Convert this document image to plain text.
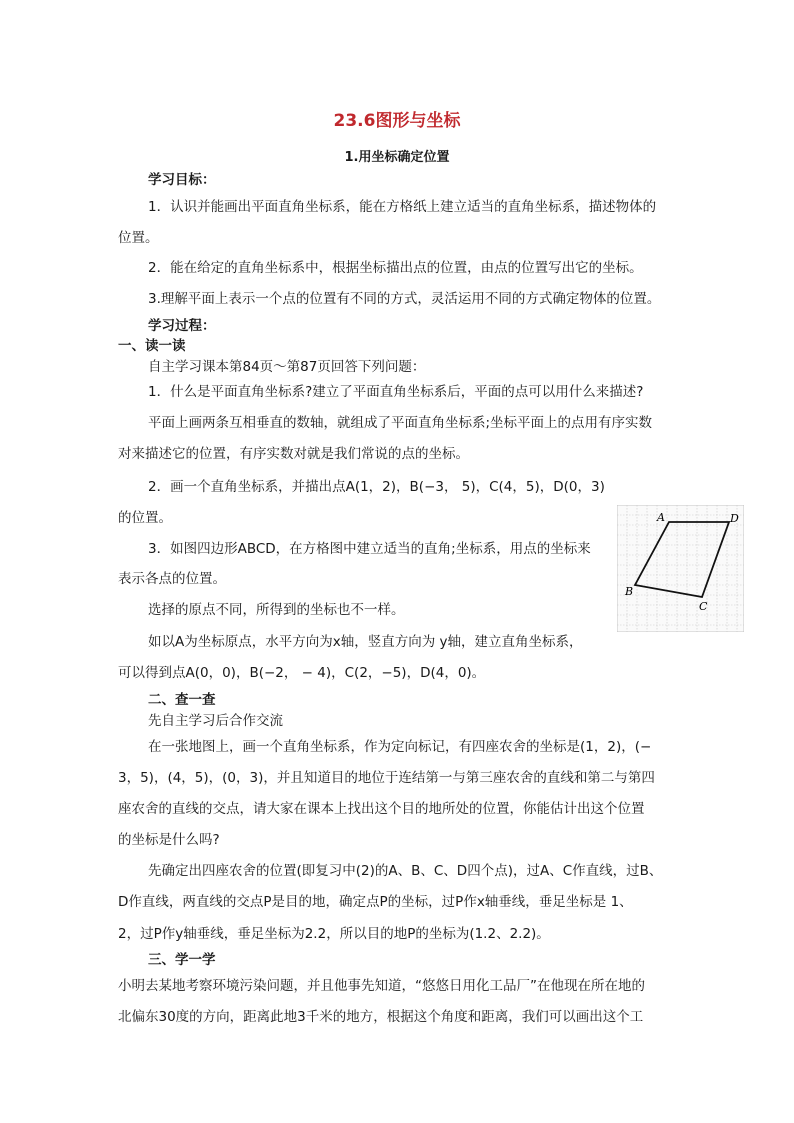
23.6图形与坐标
1.用坐标确定位置
学习目标：
1．认识并能画出平面直角坐标系，能在方格纸上建立适当的直角坐标系，描述物体的
位置。
2．能在给定的直角坐标系中，根据坐标描出点的位置，由点的位置写出它的坐标。
3.理解平面上表示一个点的位置有不同的方式，灵活运用不同的方式确定物体的位置。
学习过程：
一、读一读
自主学习课本第84页～第87页回答下列问题：
1．什么是平面直角坐标系?建立了平面直角坐标系后，平面的点可以用什么来描述?
平面上画两条互相垂直的数轴，就组成了平面直角坐标系;坐标平面上的点用有序实数
对来描述它的位置，有序实数对就是我们常说的点的坐标。
2．画一个直角坐标系，并描出点A(1，2)，B(−3， 5)，C(4，5)，D(0，3)
的位置。
3．如图四边形ABCD，在方格图中建立适当的直角;坐标系，用点的坐标来
表示各点的位置。
选择的原点不同，所得到的坐标也不一样。
如以A为坐标原点，水平方向为x轴，竖直方向为 y轴，建立直角坐标系，
可以得到点A(0，0)，B(−2， − 4)，C(2，−5)，D(4，0)。
二、查一查
先自主学习后合作交流
在一张地图上，画一个直角坐标系，作为定向标记，有四座农舍的坐标是(1，2)，(−
3，5)，(4，5)，(0，3)，并且知道目的地位于连结第一与第三座农舍的直线和第二与第四
座农舍的直线的交点，请大家在课本上找出这个目的地所处的位置，你能估计出这个位置
的坐标是什么吗?
先确定出四座农舍的位置(即复习中(2)的A、B、C、D四个点)，过A、C作直线，过B、
D作直线，两直线的交点P是目的地，确定点P的坐标，过P作x轴垂线，垂足坐标是 1、
2，过P作y轴垂线，垂足坐标为2.2，所以目的地P的坐标为(1.2、2.2)。
三、学一学
小明去某地考察环境污染问题，并且他事先知道，“悠悠日用化工品厂”在他现在所在地的
北偏东30度的方向，距离此地3千米的地方，根据这个角度和距离，我们可以画出这个工
A	D
B
C
